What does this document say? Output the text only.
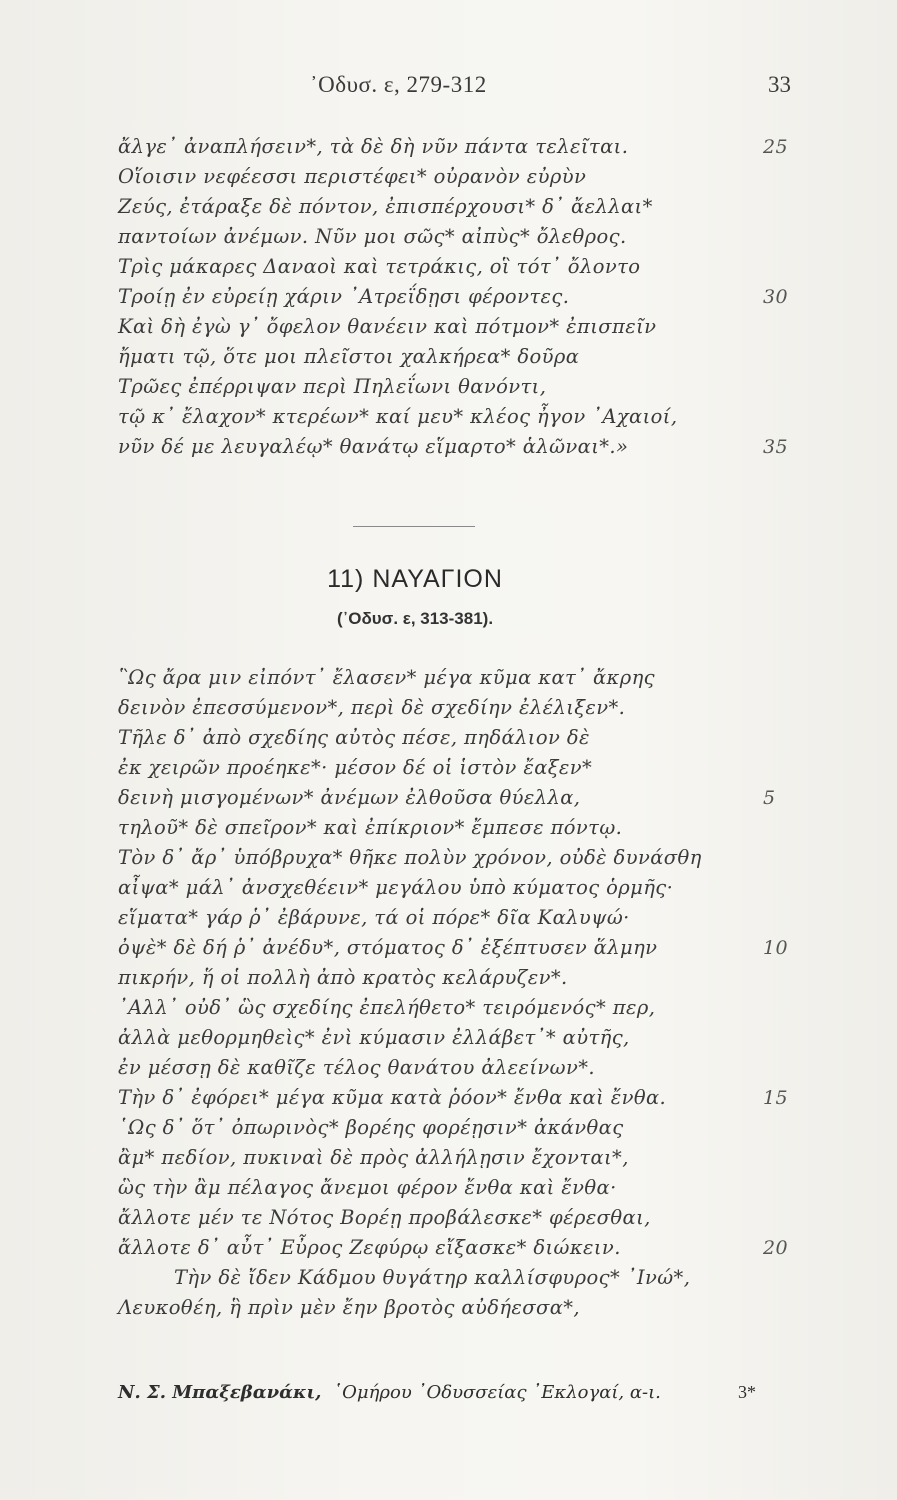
᾿Οδυσ. ε, 279-312	33
ἄλγε᾿ ἀναπλήσειν*, τὰ δὲ δὴ νῦν πάντα τελεῖται.	25
Οἵοισιν νεφέεσσι περιστέφει* οὐρανὸν εὐρὺν
Ζεύς, ἐτάραξε δὲ πόντον, ἐπισπέρχουσι* δ᾿ ἄελλαι*
παντοίων ἀνέμων. Νῦν μοι σῶς* αἰπὺς* ὄλεθρος.
Τρὶς μάκαρες Δαναοὶ καὶ τετράκις, οἳ τότ᾿ ὄλοντο
Τροίῃ ἐν εὐρείῃ χάριν ᾿Ατρεΐδῃσι φέροντες.	30
Καὶ δὴ ἐγὼ γ᾿ ὄφελον θανέειν καὶ πότμον* ἐπισπεῖν
ἤματι τῷ, ὅτε μοι πλεῖστοι χαλκήρεα* δοῦρα
Τρῶες ἐπέρριψαν περὶ Πηλεΐωνι θανόντι,
τῷ κ᾿ ἔλαχον* κτερέων* καί μευ* κλέος ἦγον ᾿Αχαιοί,
νῦν δέ με λευγαλέῳ* θανάτῳ εἵμαρτο* ἁλῶναι*.»	35
11) ΝΑΥΑΓΙΟΝ
(᾿Οδυσ. ε, 313-381).
῝Ως ἄρα μιν εἰπόντ᾿ ἔλασεν* μέγα κῦμα κατ᾿ ἄκρης
δεινὸν ἐπεσσύμενον*, περὶ δὲ σχεδίην ἐλέλιξεν*.
Τῆλε δ᾿ ἀπὸ σχεδίης αὐτὸς πέσε, πηδάλιον δὲ
ἐκ χειρῶν προέηκε*· μέσον δέ οἱ ἱστὸν ἔαξεν*
δεινὴ μισγομένων* ἀνέμων ἐλθοῦσα θύελλα,	5
τηλοῦ* δὲ σπεῖρον* καὶ ἐπίκριον* ἔμπεσε πόντῳ.
Τὸν δ᾿ ἄρ᾿ ὑπόβρυχα* θῆκε πολὺν χρόνον, οὐδὲ δυνάσθη
αἶψα* μάλ᾿ ἀνσχεθέειν* μεγάλου ὑπὸ κύματος ὁρμῆς·
εἵματα* γάρ ῥ᾿ ἐβάρυνε, τά οἱ πόρε* δῖα Καλυψώ·
ὀψὲ* δὲ δή ῥ᾿ ἀνέδυ*, στόματος δ᾿ ἐξέπτυσεν ἅλμην	10
πικρήν, ἥ οἱ πολλὴ ἀπὸ κρατὸς κελάρυζεν*.
᾿Αλλ᾿ οὐδ᾿ ὣς σχεδίης ἐπελήθετο* τειρόμενός* περ,
ἀλλὰ μεθορμηθεὶς* ἐνὶ κύμασιν ἐλλάβετ᾿* αὐτῆς,
ἐν μέσσῃ δὲ καθῖζε τέλος θανάτου ἀλεείνων*.
Τὴν δ᾿ ἐφόρει* μέγα κῦμα κατὰ ῥόον* ἔνθα καὶ ἔνθα.	15
῾Ως δ᾿ ὅτ᾿ ὀπωρινὸς* βορέης φορέῃσιν* ἀκάνθας
ἂμ* πεδίον, πυκιναὶ δὲ πρὸς ἀλλήλῃσιν ἔχονται*,
ὣς τὴν ἂμ πέλαγος ἄνεμοι φέρον ἔνθα καὶ ἔνθα·
ἄλλοτε μέν τε Νότος Βορέῃ προβάλεσκε* φέρεσθαι,
ἄλλοτε δ᾿ αὖτ᾿ Εὖρος Ζεφύρῳ εἴξασκε* διώκειν.	20
Τὴν δὲ ἴδεν Κάδμου θυγάτηρ καλλίσφυρος* ᾿Ινώ*,
Λευκοθέη, ἣ πρὶν μὲν ἔην βροτὸς αὐδήεσσα*,
Ν. Σ. Μπαξεβανάκι, ῾Ομήρου ᾿Οδυσσείας ᾿Εκλογαί, α-ι.	3*
